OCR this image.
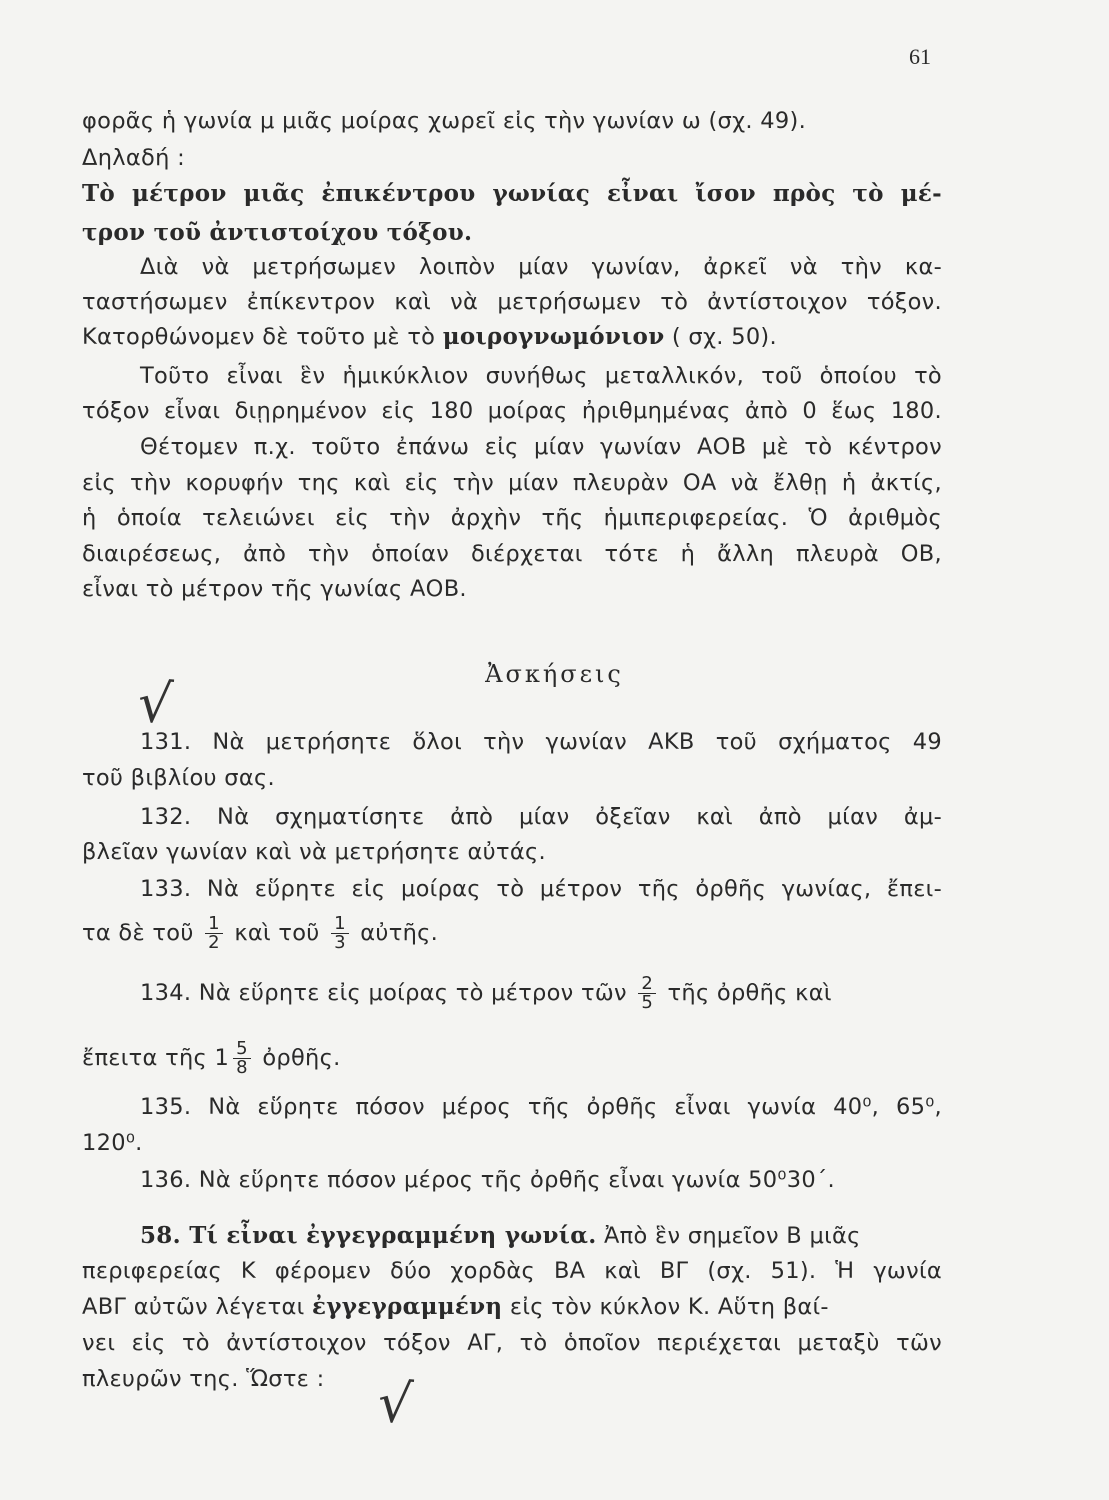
61
φορᾶς ἡ γωνία μ μιᾶς μοίρας χωρεῖ εἰς τὴν γωνίαν ω (σχ. 49).
Δηλαδή :
Τὸ μέτρον μιᾶς ἐπικέντρου γωνίας εἶναι ἴσον πρὸς τὸ μέ-
τρον τοῦ ἀντιστοίχου τόξου.
Διὰ νὰ μετρήσωμεν λοιπὸν μίαν γωνίαν, ἀρκεῖ νὰ τὴν κα-
ταστήσωμεν ἐπίκεντρον καὶ νὰ μετρήσωμεν τὸ ἀντίστοιχον τόξον.
Κατορθώνομεν δὲ τοῦτο μὲ τὸ μοιρογνωμόνιον ( σχ. 50).
Τοῦτο εἶναι ἓν ἡμικύκλιον συνήθως μεταλλικόν, τοῦ ὁποίου τὸ
τόξον εἶναι διῃρημένον εἰς 180 μοίρας ἠριθμημένας ἀπὸ 0 ἕως 180.
Θέτομεν π.χ. τοῦτο ἐπάνω εἰς μίαν γωνίαν ΑΟΒ μὲ τὸ κέντρον
εἰς τὴν κορυφήν της καὶ εἰς τὴν μίαν πλευρὰν ΟΑ νὰ ἔλθῃ ἡ ἀκτίς,
ἡ ὁποία τελειώνει εἰς τὴν ἀρχὴν τῆς ἡμιπεριφερείας. Ὁ ἀριθμὸς
διαιρέσεως, ἀπὸ τὴν ὁποίαν διέρχεται τότε ἡ ἄλλη πλευρὰ ΟΒ,
εἶναι τὸ μέτρον τῆς γωνίας ΑΟΒ.
Ἀσκήσεις
√
√
131. Νὰ μετρήσητε ὅλοι τὴν γωνίαν ΑΚΒ τοῦ σχήματος 49
τοῦ βιβλίου σας.
132. Νὰ σχηματίσητε ἀπὸ μίαν ὀξεῖαν καὶ ἀπὸ μίαν ἀμ-
βλεῖαν γωνίαν καὶ νὰ μετρήσητε αὐτάς.
133. Νὰ εὕρητε εἰς μοίρας τὸ μέτρον τῆς ὀρθῆς γωνίας, ἔπει-
τα δὲ τοῦ $\frac{1}{2}$ καὶ τοῦ $\frac{1}{3}$ αὐτῆς.
134. Νὰ εὕρητε εἰς μοίρας τὸ μέτρον τῶν $\frac{2}{5}$ τῆς ὀρθῆς καὶ
ἔπειτα τῆς $1 \frac{5}{8}$ ὀρθῆς.
135. Νὰ εὕρητε πόσον μέρος τῆς ὀρθῆς εἶναι γωνία 40⁰, 65⁰,
120⁰.
136. Νὰ εὕρητε πόσον μέρος τῆς ὀρθῆς εἶναι γωνία 50⁰30΄.
58. Τί εἶναι ἐγγεγραμμένη γωνία. Ἀπὸ ἓν σημεῖον Β μιᾶς
περιφερείας Κ φέρομεν δύο χορδὰς ΒΑ καὶ ΒΓ (σχ. 51). Ἡ γωνία
ΑΒΓ αὐτῶν λέγεται ἐγγεγραμμένη εἰς τὸν κύκλον Κ. Αὕτη βαί-
νει εἰς τὸ ἀντίστοιχον τόξον ΑΓ, τὸ ὁποῖον περιέχεται μεταξὺ τῶν
πλευρῶν της. Ὥστε :
